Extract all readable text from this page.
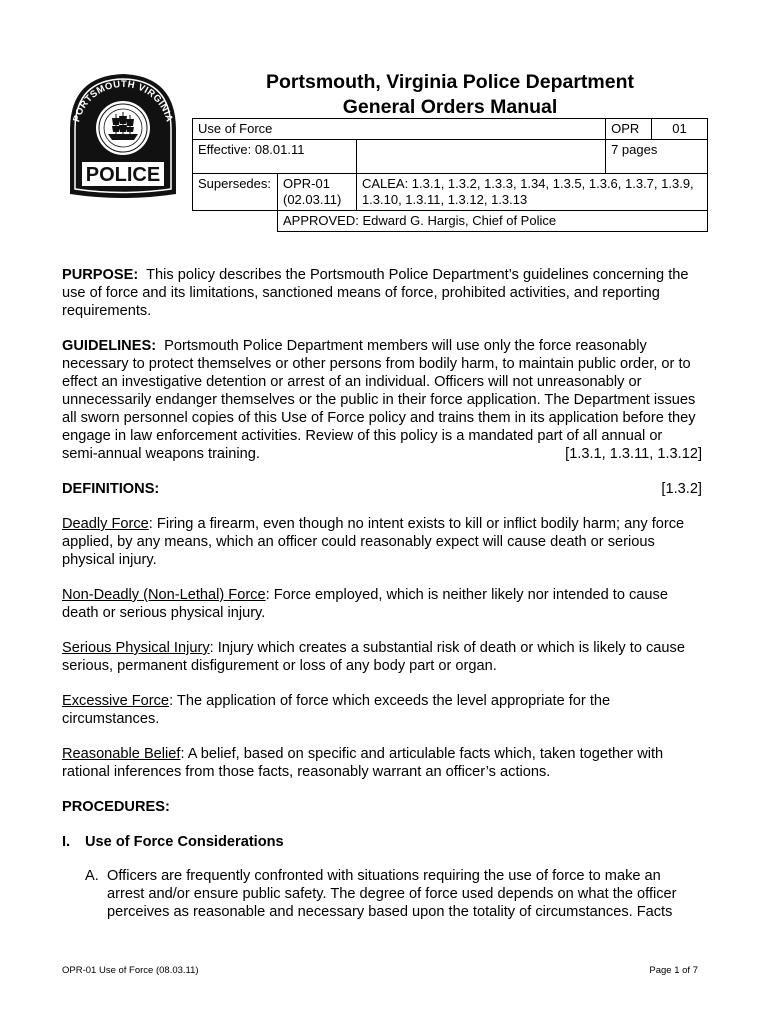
PORTSMOUTH VIRGINIA
POLICE
Portsmouth, Virginia Police Department
General Orders Manual
Use of Force			OPR	01
Effective: 08.01.11			7 pages	
Supersedes:	OPR-01 (02.03.11)	CALEA: 1.3.1, 1.3.2, 1.3.3, 1.34, 1.3.5, 1.3.6, 1.3.7, 1.3.9, 1.3.10, 1.3.11, 1.3.12, 1.3.13		
	APPROVED: Edward G. Hargis, Chief of Police			

PURPOSE: This policy describes the Portsmouth Police Department’s guidelines concerning the use of force and its limitations, sanctioned means of force, prohibited activities, and reporting requirements.

GUIDELINES: Portsmouth Police Department members will use only the force reasonably necessary to protect themselves or other persons from bodily harm, to maintain public order, or to effect an investigative detention or arrest of an individual. Officers will not unreasonably or unnecessarily endanger themselves or the public in their force application. The Department issues all sworn personnel copies of this Use of Force policy and trains them in its application before they engage in law enforcement activities. Review of this policy is a mandated part of all annual or semi-annual weapons training.	[1.3.1, 1.3.11, 1.3.12]

DEFINITIONS:	[1.3.2]

Deadly Force: Firing a firearm, even though no intent exists to kill or inflict bodily harm; any force applied, by any means, which an officer could reasonably expect will cause death or serious physical injury.

Non-Deadly (Non-Lethal) Force: Force employed, which is neither likely nor intended to cause death or serious physical injury.

Serious Physical Injury: Injury which creates a substantial risk of death or which is likely to cause serious, permanent disfigurement or loss of any body part or organ.

Excessive Force: The application of force which exceeds the level appropriate for the circumstances.

Reasonable Belief: A belief, based on specific and articulable facts which, taken together with rational inferences from those facts, reasonably warrant an officer’s actions.

PROCEDURES:

I. Use of Force Considerations
A. Officers are frequently confronted with situations requiring the use of force to make an arrest and/or ensure public safety. The degree of force used depends on what the officer perceives as reasonable and necessary based upon the totality of circumstances. Facts
OPR-01 Use of Force (08.03.11)	Page 1 of 7
